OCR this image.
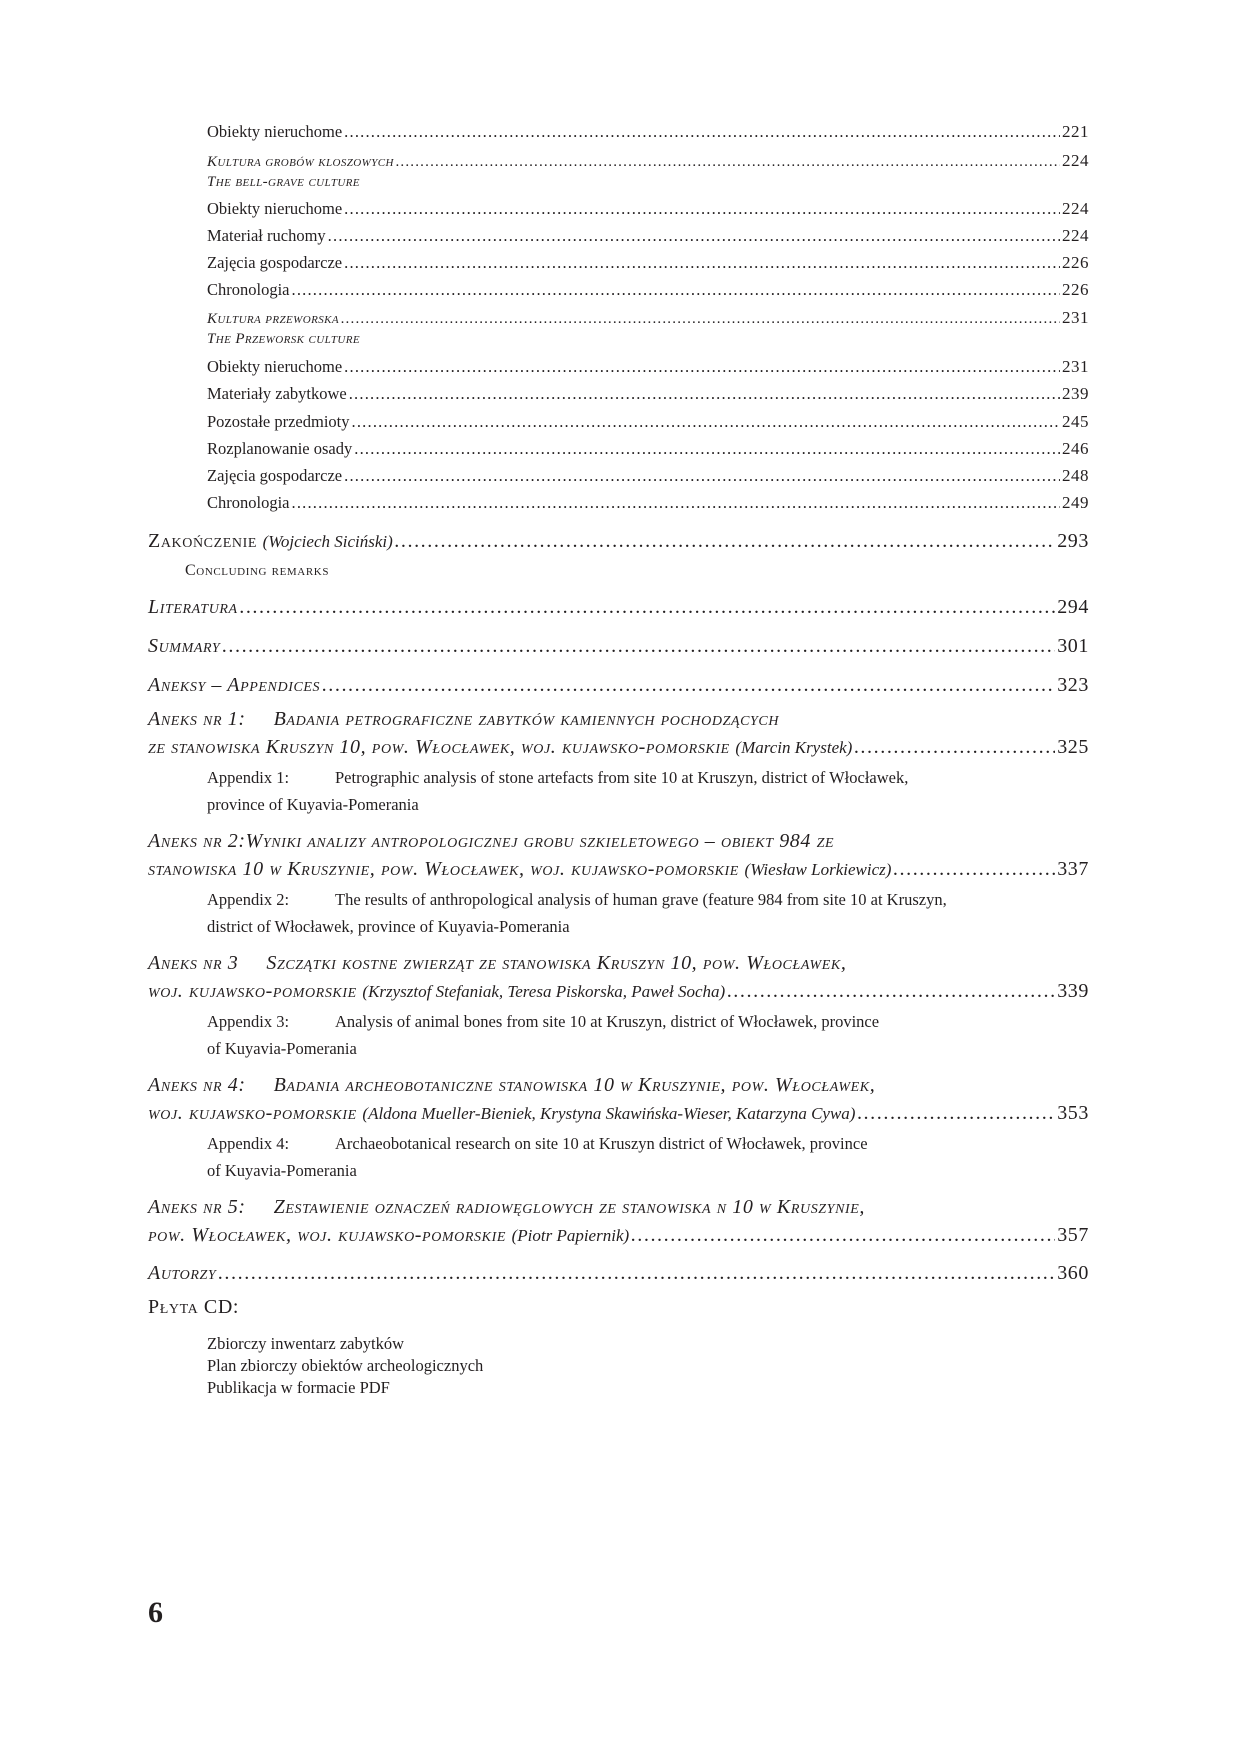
Obiekty nieruchome .....	221
Kultura grobów kloszowych .....	224
The bell-grave culture
Obiekty nieruchome .....	224
Materiał ruchomy .....	224
Zajęcia gospodarcze .....	226
Chronologia .....	226
Kultura przeworska .....	231
The Przeworsk culture
Obiekty nieruchome .....	231
Materiały zabytkowe .....	239
Pozostałe przedmioty .....	245
Rozplanowanie osady .....	246
Zajęcia gospodarcze .....	248
Chronologia .....	249
Zakończenie (Wojciech Siciński) .....	293
Concluding remarks
Literatura .....	294
Summary .....	301
Aneksy – Appendices .....	323
Aneks nr 1: Badania petrograficzne zabytków kamiennych pochodzących
ze stanowiska Kruszyn 10, pow. Włocławek, woj. kujawsko-pomorskie (Marcin Krystek) .....	325
Appendix 1:	Petrographic analysis of stone artefacts from site 10 at Kruszyn, district of Włocławek,
province of Kuyavia-Pomerania
Aneks nr 2:Wyniki analizy antropologicznej grobu szkieletowego – obiekt 984 ze
stanowiska 10 w Kruszynie, pow. Włocławek, woj. kujawsko-pomorskie (Wiesław Lorkiewicz) .....	337
Appendix 2:	The results of anthropological analysis of human grave (feature 984 from site 10 at Kruszyn,
district of Włocławek, province of Kuyavia-Pomerania
Aneks nr 3 Szczątki kostne zwierząt ze stanowiska Kruszyn 10, pow. Włocławek,
woj. kujawsko-pomorskie (Krzysztof Stefaniak, Teresa Piskorska, Paweł Socha) .....	339
Appendix 3:	Analysis of animal bones from site 10 at Kruszyn, district of Włocławek, province
of Kuyavia-Pomerania
Aneks nr 4: Badania archeobotaniczne stanowiska 10 w Kruszynie, pow. Włocławek,
woj. kujawsko-pomorskie (Aldona Mueller-Bieniek, Krystyna Skawińska-Wieser, Katarzyna Cywa) .....	353
Appendix 4:	Archaeobotanical research on site 10 at Kruszyn district of Włocławek, province
of Kuyavia-Pomerania
Aneks nr 5: Zestawienie oznaczeń radiowęglowych ze stanowiska n 10 w Kruszynie,
pow. Włocławek, woj. kujawsko-pomorskie (Piotr Papiernik) .....	357
Autorzy .....	360
Płyta CD:
Zbiorczy inwentarz zabytków
Plan zbiorczy obiektów archeologicznych
Publikacja w formacie PDF
6
